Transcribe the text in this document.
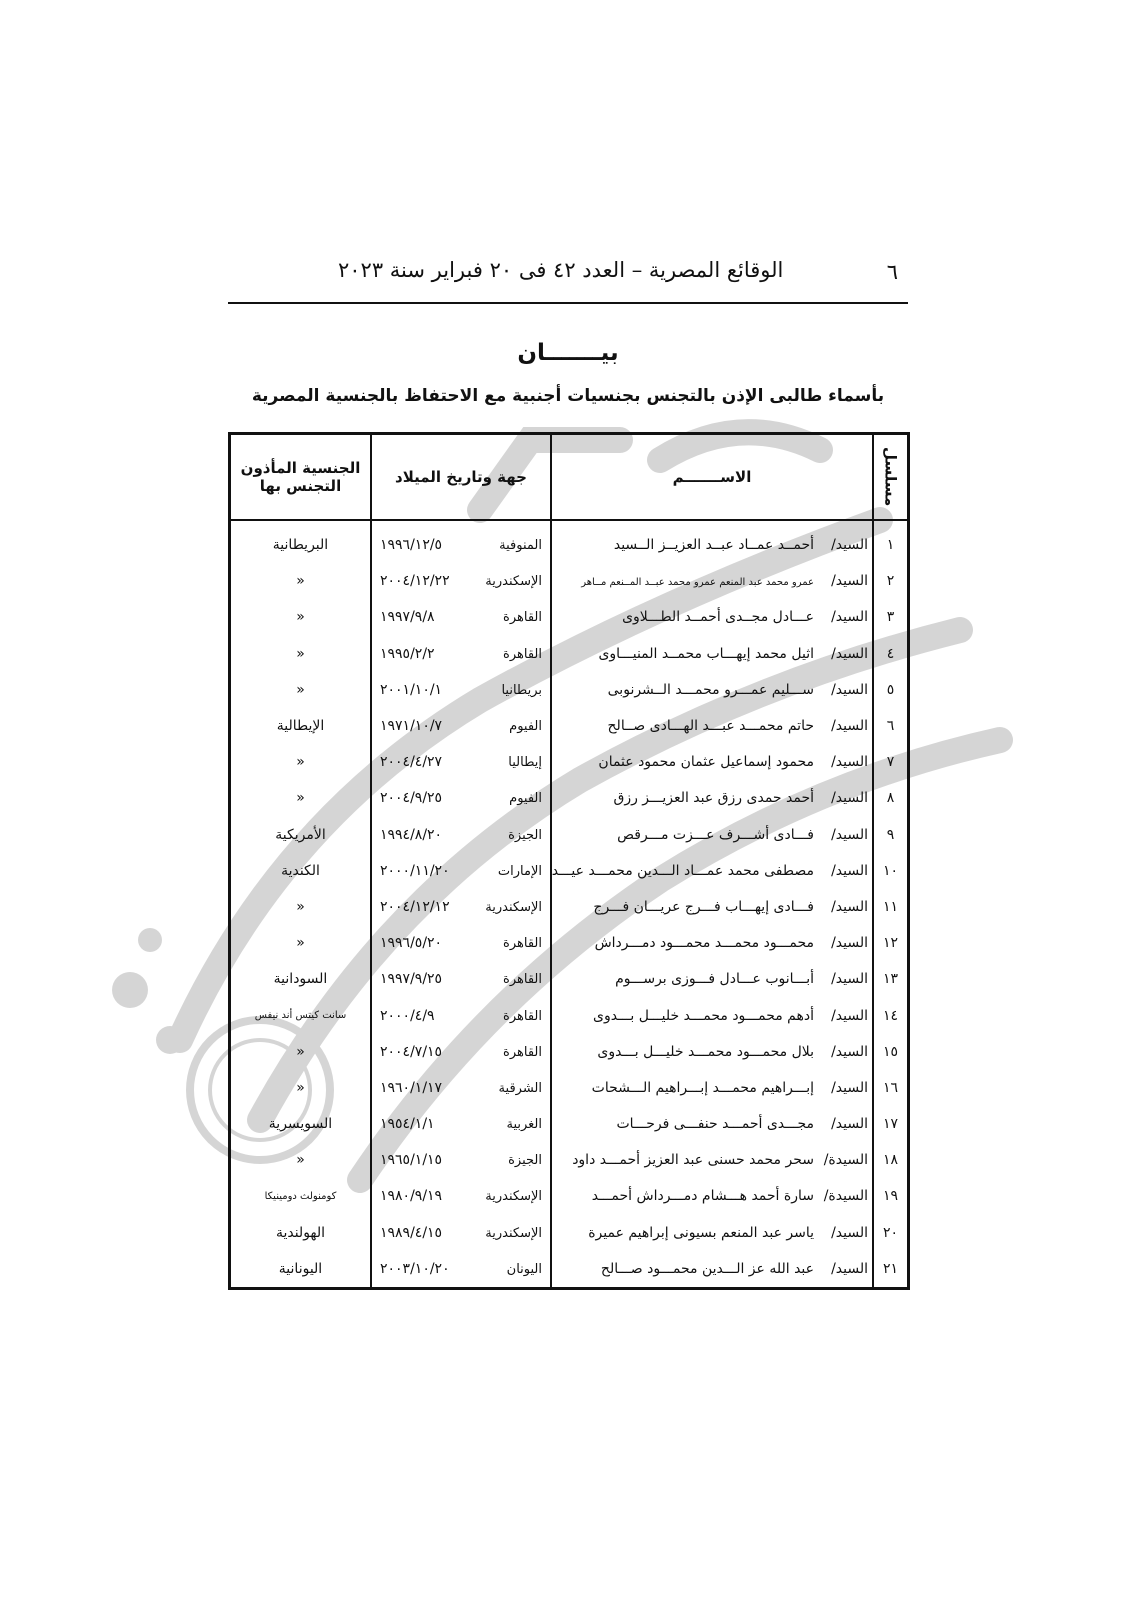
٦
الوقائع المصرية – العدد ٤٢ فى ٢٠ فبراير سنة ٢٠٢٣
بيـــــــان
بأسماء طالبى الإذن بالتجنس بجنسيات أجنبية مع الاحتفاظ بالجنسية المصرية
مسلسل	الاســـــــم	جهة وتاريخ الميلاد	الجنسية المأذون التجنس بها
١	السيد/أحمــد عمــاد عبــد العزيــز الــسيد	المنوفية١٩٩٦/١٢/٥	البريطانية
٢	السيد/عمرو محمد عبد المنعم عمرو محمد عبــد المــنعم مــاهر	الإسكندرية٢٠٠٤/١٢/٢٢	«
٣	السيد/عـــادل مجــدى أحمــد الطـــلاوى	القاهرة١٩٩٧/٩/٨	«
٤	السيد/اثيل محمد إيهـــاب محمــد المنيـــاوى	القاهرة١٩٩٥/٢/٢	«
٥	السيد/ســـليم عمـــرو محمـــد الــشرنوبى	بريطانيا٢٠٠١/١٠/١	«
٦	السيد/حاتم محمـــد عبـــد الهـــادى صــالح	الفيوم١٩٧١/١٠/٧	الإيطالية
٧	السيد/محمود إسماعيل عثمان محمود عثمان	إيطاليا٢٠٠٤/٤/٢٧	«
٨	السيد/أحمد حمدى رزق عبد العزيـــز رزق	الفيوم٢٠٠٤/٩/٢٥	«
٩	السيد/فـــادى أشـــرف عـــزت مـــرقص	الجيزة١٩٩٤/٨/٢٠	الأمريكية
١٠	السيد/مصطفى محمد عمـــاد الـــدين محمـــد عيـــد	الإمارات٢٠٠٠/١١/٢٠	الكندية
١١	السيد/فـــادى إيهـــاب فـــرج عريـــان فـــرج	الإسكندرية٢٠٠٤/١٢/١٢	«
١٢	السيد/محمـــود محمـــد محمـــود دمـــرداش	القاهرة١٩٩٦/٥/٢٠	«
١٣	السيد/أبـــانوب عـــادل فـــوزى برســـوم	القاهرة١٩٩٧/٩/٢٥	السودانية
١٤	السيد/أدهم محمـــود محمـــد خليـــل بـــدوى	القاهرة٢٠٠٠/٤/٩	سانت كيتس أند نيفس
١٥	السيد/بلال محمـــود محمـــد خليـــل بـــدوى	القاهرة٢٠٠٤/٧/١٥	«
١٦	السيد/إبـــراهيم محمـــد إبـــراهيم الـــشحات	الشرقية١٩٦٠/١/١٧	«
١٧	السيد/مجـــدى أحمـــد حنفـــى فرحـــات	الغربية١٩٥٤/١/١	السويسرية
١٨	السيدة/سحر محمد حسنى عبد العزيز أحمـــد داود	الجيزة١٩٦٥/١/١٥	«
١٩	السيدة/سارة أحمد هـــشام دمـــرداش أحمـــد	الإسكندرية١٩٨٠/٩/١٩	كومنولث دومينيكا
٢٠	السيد/ياسر عبد المنعم بسيونى إبراهيم عميرة	الإسكندرية١٩٨٩/٤/١٥	الهولندية
٢١	السيد/عبد الله عز الـــدين محمـــود صـــالح	اليونان٢٠٠٣/١٠/٢٠	اليونانية
